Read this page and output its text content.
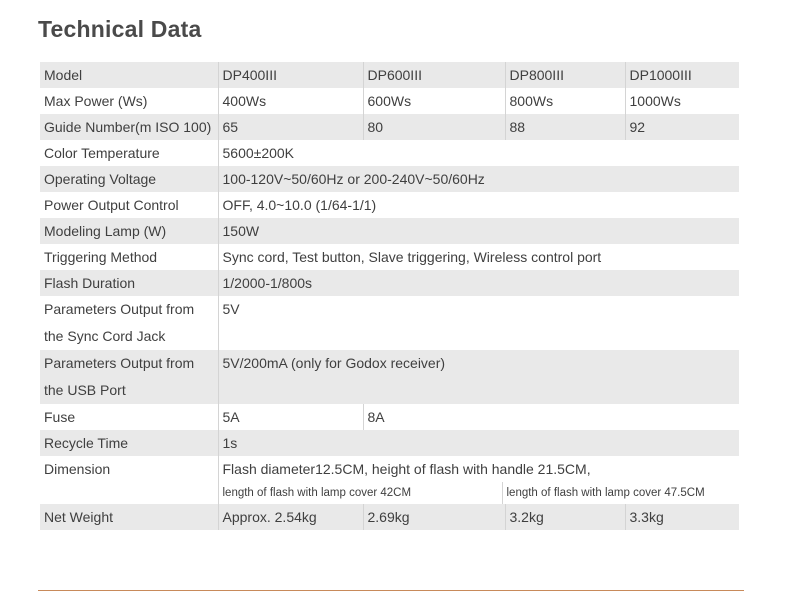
Technical Data
Model	DP400III	DP600III	DP800III	DP1000III
Max Power (Ws)	400Ws	600Ws	800Ws	1000Ws
Guide Number(m ISO 100)	65	80	88	92
Color Temperature	5600±200K			
Operating Voltage	100-120V~50/60Hz or 200-240V~50/60Hz			
Power Output Control	OFF, 4.0~10.0 (1/64-1/1)			
Modeling Lamp (W)	150W			
Triggering Method	Sync cord, Test button, Slave triggering, Wireless control port			
Flash Duration	1/2000-1/800s			

Parameters Output from
the Sync Cord Jack	5V			

Parameters Output from
the USB Port	5V/200mA (only for Godox receiver)			
Fuse	5A	8A		
Recycle Time	1s			
Dimension	Flash diameter12.5CM, height of flash with handle 21.5CM,
length of flash with lamp cover 42CM length of flash with lamp cover 47.5CM			

Net Weight	Approx. 2.54kg	2.69kg	3.2kg	3.3kg
